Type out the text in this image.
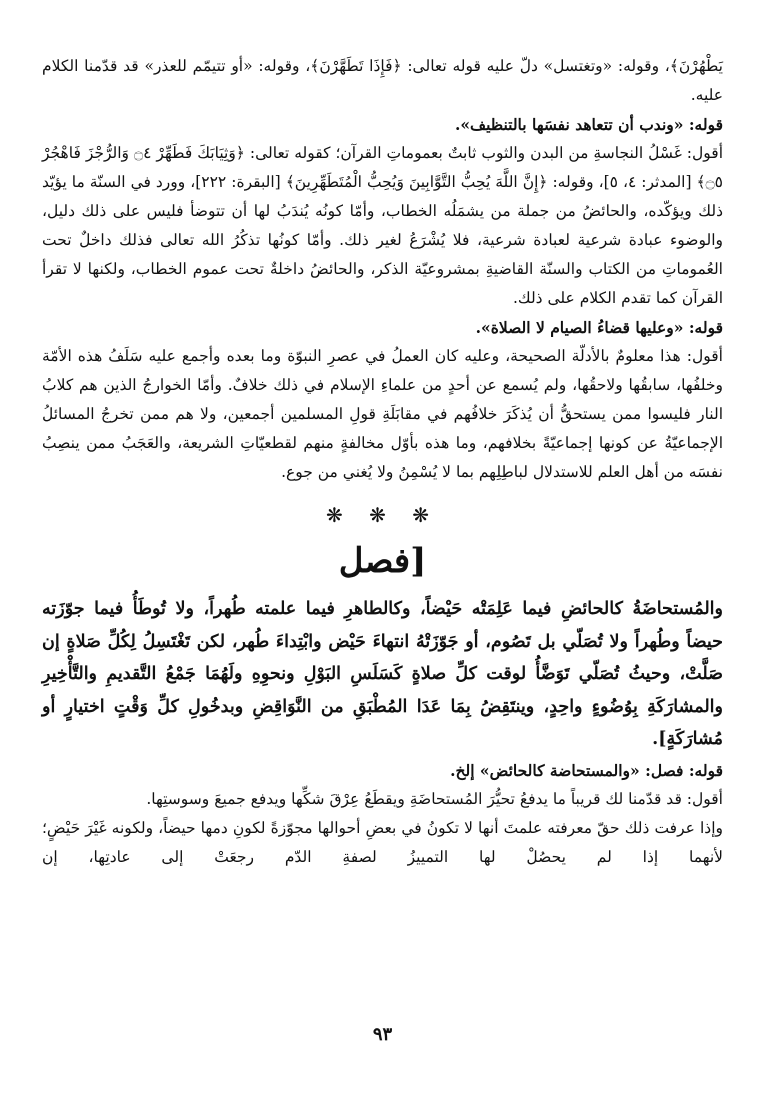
يَطْهُرْنَ﴾، وقوله: «وتغتسل» دلّ عليه قوله تعالى: ﴿فَإِذَا تَطَهَّرْنَ﴾، وقوله: «أو تتيمّم للعذر» قد قدّمنا الكلام عليه.

قوله: «وندب أن تتعاهد نفسَها بالتنظيف».

أقول: غَسْلُ النجاسةِ من البدن والثوب ثابتٌ بعموماتِ القرآن؛ كقوله تعالى: ﴿وَثِيَابَكَ فَطَهِّرْ ۝٤ وَالرُّجْزَ فَاهْجُرْ ۝٥﴾ [المدثر: ٤، ٥]، وقوله: ﴿إِنَّ اللَّهَ يُحِبُّ التَّوَّابِينَ وَيُحِبُّ الْمُتَطَهِّرِينَ﴾ [البقرة: ٢٢٢]، وورد في السنّة ما يؤيّد ذلك ويؤكّده، والحائضُ من جملة من يشمَلُه الخطاب، وأمّا كونُه يُندَبُ لها أن تتوضأ فليس على ذلك دليل، والوضوء عبادة شرعية لعبادة شرعية، فلا يُشْرَعُ لغير ذلك. وأمّا كونُها تذكُرُ الله تعالى فذلك داخلٌ تحت العُموماتِ من الكتاب والسنّة القاضيةِ بمشروعيّة الذكر، والحائضُ داخلةٌ تحت عموم الخطاب، ولكنها لا تقرأ القرآن كما تقدم الكلام على ذلك.

قوله: «وعليها قضاءُ الصيام لا الصلاة».

أقول: هذا معلومٌ بالأدلّة الصحيحة، وعليه كان العملُ في عصرِ النبوّة وما بعده وأجمع عليه سَلَفُ هذه الأمّة وخلفُها، سابقُها ولاحقُها، ولم يُسمع عن أحدٍ من علماءِ الإسلام في ذلك خلافٌ. وأمّا الخوارجُ الذين هم كلابُ النار فليسوا ممن يستحقُّ أن يُذكَرَ خلافُهم في مقابَلَةِ قولِ المسلمين أجمعين، ولا هم ممن تخرجُ المسائلُ الإجماعيّةُ عن كونها إجماعيّةً بخلافهم، وما هذه بأوّل مخالفةٍ منهم لقطعيّاتِ الشريعة، والعَجَبُ ممن ينصِبُ نفسَه من أهل العلم للاستدلال لباطِلِهم بما لا يُسْمِنُ ولا يُغني من جوع.

❋ ❋ ❋
[فصل

والمُستحاضَةُ كالحائضِ فيما عَلِمَتْه حَيْضاً، وكالطاهرِ فيما علمته طُهراً، ولا تُوطَأُ فيما جوّزَته حيضاً وطُهراً ولا تُصَلّي بل تَصُوم، أو جَوّزَتْهُ انتهاءَ حَيْض وابْتِداءَ طُهر، لكن تَغْتَسِلُ لِكُلِّ صَلاةٍ إن صَلَّتْ، وحيثُ تُصَلّي تَوَضَّأُ لوقت كلِّ صلاةٍ كَسَلَسِ البَوْلِ ونحوِهِ ولَهُمَا جَمْعُ التَّقديمِ والتَّأْخِيرِ والمشارَكَةِ بِوُضُوءٍ واحِدٍ، وينتَقِضُ بِمَا عَدَا المُطْبَقِ من النَّوَاقِضِ وبدخُولِ كلِّ وَقْتٍ اختيارٍ أو مُشارَكَةٍ].

قوله: فصل: «والمستحاضة كالحائض» إلخ.

أقول: قد قدّمنا لك قريباً ما يدفعُ تحيُّرَ المُستحاضَةِ ويقطَعُ عِرْقَ شكِّها ويدفع جميعَ وسوستِها.

وإذا عرفت ذلك حقّ معرفته علمتَ أنها لا تكونُ في بعضِ أحوالها مجوّزةً لكونِ دمها حيضاً، ولكونه غَيْرَ حَيْضٍ؛ لأنهما إذا لم يحصُلْ لها التمييزُ لصفةِ الدّم رجعَتْ إلى عادتِها، إن

٩٣
